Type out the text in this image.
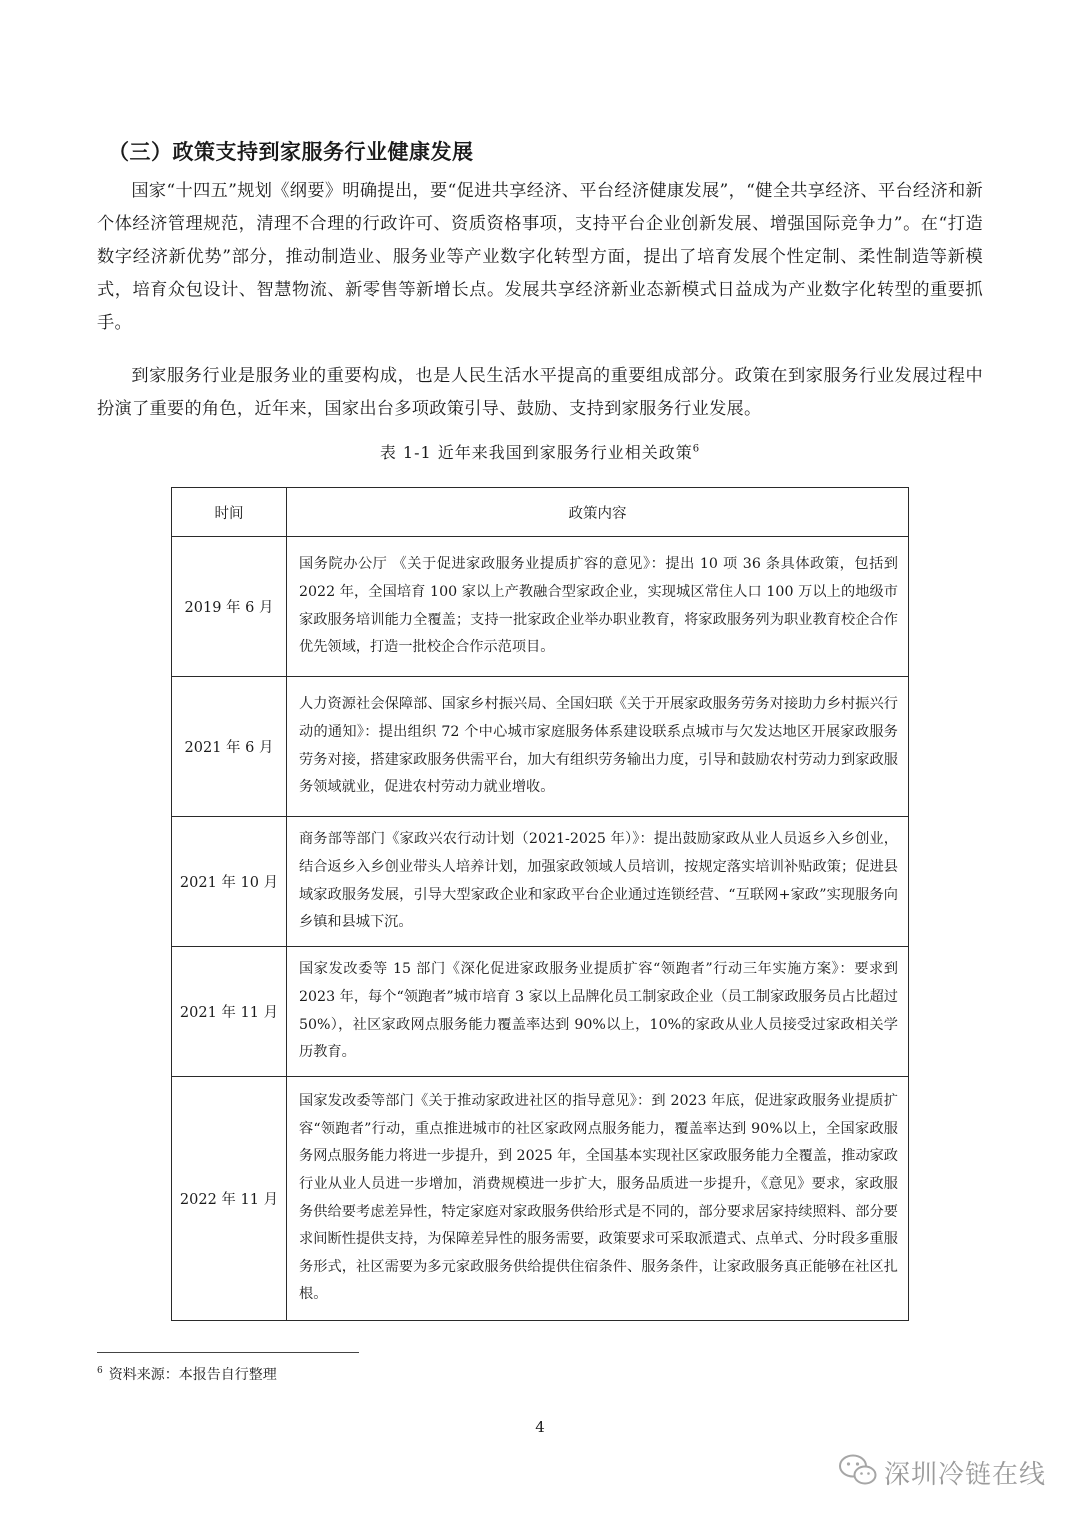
（三）政策支持到家服务行业健康发展

国家“十四五”规划《纲要》明确提出，要“促进共享经济、平台经济健康发展”，“健全共享经济、平台经济和新个体经济管理规范，清理不合理的行政许可、资质资格事项，支持平台企业创新发展、增强国际竞争力”。在“打造数字经济新优势”部分，推动制造业、服务业等产业数字化转型方面，提出了培育发展个性定制、柔性制造等新模式，培育众包设计、智慧物流、新零售等新增长点。发展共享经济新业态新模式日益成为产业数字化转型的重要抓手。

到家服务行业是服务业的重要构成，也是人民生活水平提高的重要组成部分。政策在到家服务行业发展过程中扮演了重要的角色，近年来，国家出台多项政策引导、鼓励、支持到家服务行业发展。

表 1-1 近年来我国到家服务行业相关政策$^6$

时间	政策内容
2019 年 6 月	国务院办公厅 《关于促进家政服务业提质扩容的意见》：提出 10 项 36 条具体政策，包括到 2022 年，全国培育 100 家以上产教融合型家政企业，实现城区常住人口 100 万以上的地级市家政服务培训能力全覆盖；支持一批家政企业举办职业教育，将家政服务列为职业教育校企合作优先领域，打造一批校企合作示范项目。
2021 年 6 月	人力资源社会保障部、国家乡村振兴局、全国妇联《关于开展家政服务劳务对接助力乡村振兴行动的通知》：提出组织 72 个中心城市家庭服务体系建设联系点城市与欠发达地区开展家政服务劳务对接，搭建家政服务供需平台，加大有组织劳务输出力度，引导和鼓励农村劳动力到家政服务领域就业，促进农村劳动力就业增收。
2021 年 10 月	商务部等部门《家政兴农行动计划（2021-2025 年）》：提出鼓励家政从业人员返乡入乡创业，结合返乡入乡创业带头人培养计划，加强家政领域人员培训，按规定落实培训补贴政策；促进县域家政服务发展，引导大型家政企业和家政平台企业通过连锁经营、“互联网+家政”实现服务向乡镇和县城下沉。
2021 年 11 月	国家发改委等 15 部门《深化促进家政服务业提质扩容“领跑者”行动三年实施方案》：要求到 2023 年，每个“领跑者”城市培育 3 家以上品牌化员工制家政企业（员工制家政服务员占比超过 50%），社区家政网点服务能力覆盖率达到 90%以上，10%的家政从业人员接受过家政相关学历教育。
2022 年 11 月	国家发改委等部门《关于推动家政进社区的指导意见》：到 2023 年底，促进家政服务业提质扩容“领跑者”行动，重点推进城市的社区家政网点服务能力，覆盖率达到 90%以上，全国家政服务网点服务能力将进一步提升，到 2025 年，全国基本实现社区家政服务能力全覆盖，推动家政行业从业人员进一步增加，消费规模进一步扩大，服务品质进一步提升，《意见》要求，家政服务供给要考虑差异性，特定家庭对家政服务供给形式是不同的，部分要求居家持续照料、部分要求间断性提供支持，为保障差异性的服务需要，政策要求可采取派遣式、点单式、分时段多重服务形式，社区需要为多元家政服务供给提供住宿条件、服务条件，让家政服务真正能够在社区扎根。

$^6$ 资料来源：本报告自行整理

4

深圳冷链在线
